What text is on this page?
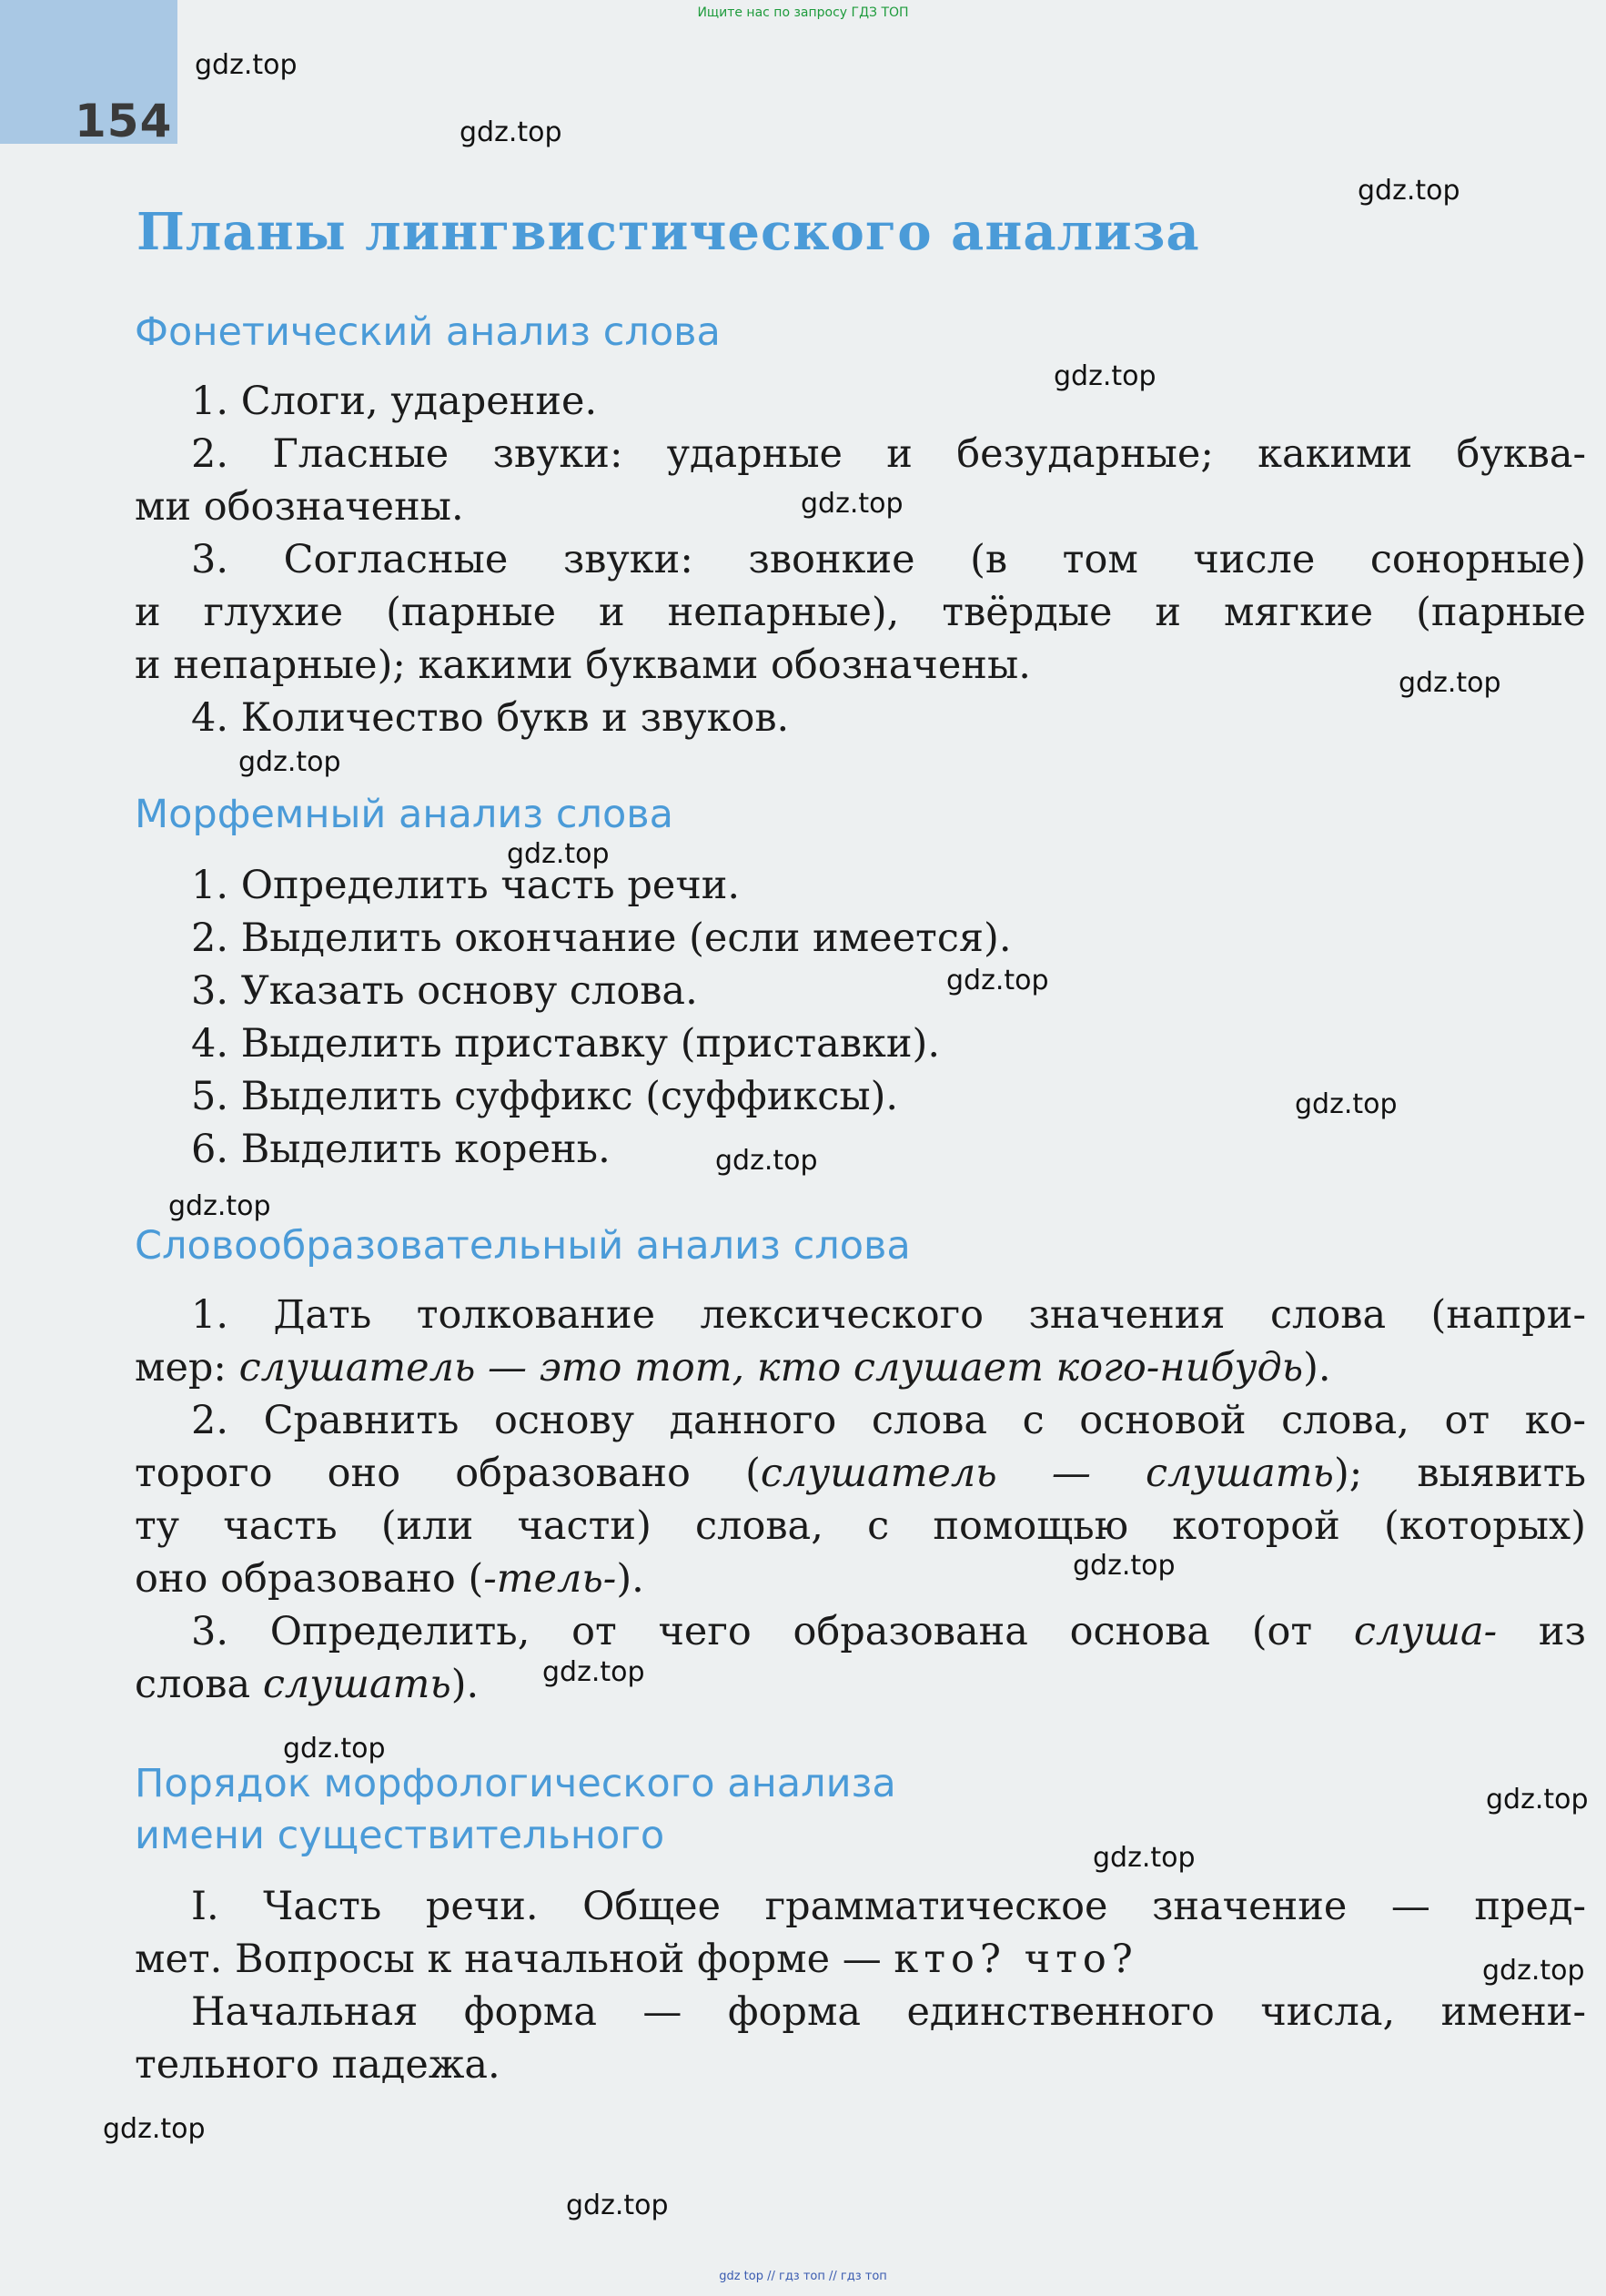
Ищите нас по запросу ГДЗ ТОП
154
Планы лингвистического анализа
Фонетический анализ слова
1. Слоги, ударение.
2. Гласные звуки: ударные и безударные; какими буква-
ми обозначены.
3. Согласные звуки: звонкие (в том числе сонорные)
и глухие (парные и непарные), твёрдые и мягкие (парные
и непарные); какими буквами обозначены.
4. Количество букв и звуков.
Морфемный анализ слова
1. Определить часть речи.
2. Выделить окончание (если имеется).
3. Указать основу слова.
4. Выделить приставку (приставки).
5. Выделить суффикс (суффиксы).
6. Выделить корень.
Словообразовательный анализ слова
1. Дать толкование лексического значения слова (напри-
мер: слушатель — это тот, кто слушает кого-нибудь).
2. Сравнить основу данного слова с основой слова, от ко-
торого оно образовано (слушатель — слушать); выявить
ту часть (или части) слова, с помощью которой (которых)
оно образовано (-тель-).
3. Определить, от чего образована основа (от слуша- из
слова слушать).
Порядок морфологического анализа
имени существительного
I. Часть речи. Общее грамматическое значение — пред-
мет. Вопросы к начальной форме — кто? что?
Начальная форма — форма единственного числа, имени-
тельного падежа.
gdz.top
gdz.top
gdz.top
gdz.top
gdz.top
gdz.top
gdz.top
gdz.top
gdz.top
gdz.top
gdz.top
gdz.top
gdz.top
gdz.top
gdz.top
gdz.top
gdz.top
gdz.top
gdz.top
gdz.top
gdz top // гдз топ // гдз топ
